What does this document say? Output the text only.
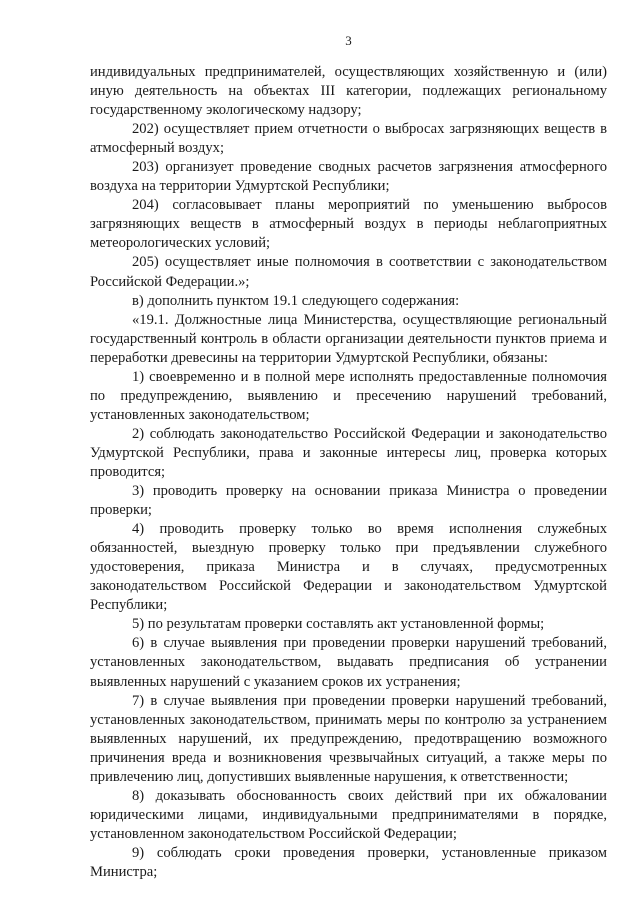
3

индивидуальных предпринимателей, осуществляющих хозяйственную и (или) иную деятельность на объектах III категории, подлежащих региональному государственному экологическому надзору;

202) осуществляет прием отчетности о выбросах загрязняющих веществ в атмосферный воздух;

203) организует проведение сводных расчетов загрязнения атмосферного воздуха на территории Удмуртской Республики;

204) согласовывает планы мероприятий по уменьшению выбросов загрязняющих веществ в атмосферный воздух в периоды неблагоприятных метеорологических условий;

205) осуществляет иные полномочия в соответствии с законодательством Российской Федерации.»;

в) дополнить пунктом 19.1 следующего содержания:

«19.1. Должностные лица Министерства, осуществляющие региональный государственный контроль в области организации деятельности пунктов приема и переработки древесины на территории Удмуртской Республики, обязаны:

1) своевременно и в полной мере исполнять предоставленные полномочия по предупреждению, выявлению и пресечению нарушений требований, установленных законодательством;

2) соблюдать законодательство Российской Федерации и законодательство Удмуртской Республики, права и законные интересы лиц, проверка которых проводится;

3) проводить проверку на основании приказа Министра о проведении проверки;

4) проводить проверку только во время исполнения служебных обязанностей, выездную проверку только при предъявлении служебного удостоверения, приказа Министра и в случаях, предусмотренных законодательством Российской Федерации и законодательством Удмуртской Республики;

5) по результатам проверки составлять акт установленной формы;

6) в случае выявления при проведении проверки нарушений требований, установленных законодательством, выдавать предписания об устранении выявленных нарушений с указанием сроков их устранения;

7) в случае выявления при проведении проверки нарушений требований, установленных законодательством, принимать меры по контролю за устранением выявленных нарушений, их предупреждению, предотвращению возможного причинения вреда и возникновения чрезвычайных ситуаций, а также меры по привлечению лиц, допустивших выявленные нарушения, к ответственности;

8) доказывать обоснованность своих действий при их обжаловании юридическими лицами, индивидуальными предпринимателями в порядке, установленном законодательством Российской Федерации;

9) соблюдать сроки проведения проверки, установленные приказом Министра;
